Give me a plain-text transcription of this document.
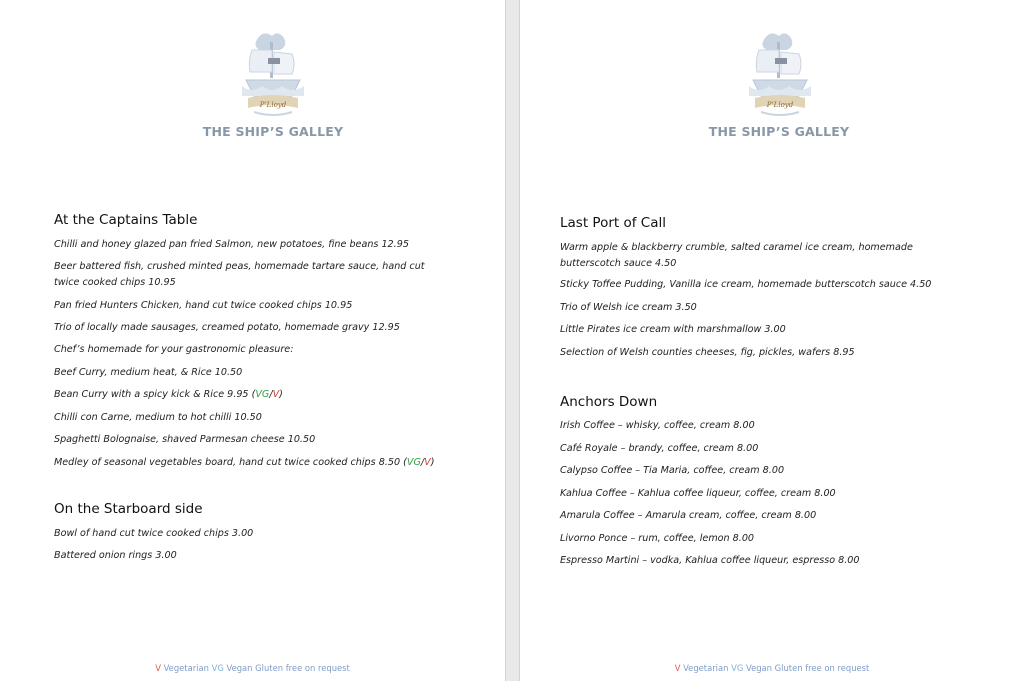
P’Lloyd
THE SHIP’S GALLEY
At the Captains Table
Chilli and honey glazed pan fried Salmon, new potatoes, fine beans 12.95
Beer battered fish, crushed minted peas, homemade tartare sauce, hand cut twice cooked chips 10.95
Pan fried Hunters Chicken, hand cut twice cooked chips 10.95
Trio of locally made sausages, creamed potato, homemade gravy 12.95
Chef’s homemade for your gastronomic pleasure:
Beef Curry, medium heat, & Rice 10.50
Bean Curry with a spicy kick & Rice 9.95 (VG/V)
Chilli con Carne, medium to hot chilli 10.50
Spaghetti Bolognaise, shaved Parmesan cheese 10.50
Medley of seasonal vegetables board, hand cut twice cooked chips 8.50 (VG/V)
On the Starboard side
Bowl of hand cut twice cooked chips 3.00
Battered onion rings 3.00
V Vegetarian VG Vegan Gluten free on request
P’Lloyd
THE SHIP’S GALLEY
Last Port of Call
Warm apple & blackberry crumble, salted caramel ice cream, homemade butterscotch sauce 4.50
Sticky Toffee Pudding, Vanilla ice cream, homemade butterscotch sauce 4.50
Trio of Welsh ice cream 3.50
Little Pirates ice cream with marshmallow 3.00
Selection of Welsh counties cheeses, fig, pickles, wafers 8.95
Anchors Down
Irish Coffee – whisky, coffee, cream 8.00
Café Royale – brandy, coffee, cream 8.00
Calypso Coffee – Tia Maria, coffee, cream 8.00
Kahlua Coffee – Kahlua coffee liqueur, coffee, cream 8.00
Amarula Coffee – Amarula cream, coffee, cream 8.00
Livorno Ponce – rum, coffee, lemon 8.00
Espresso Martini – vodka, Kahlua coffee liqueur, espresso 8.00
V Vegetarian VG Vegan Gluten free on request
